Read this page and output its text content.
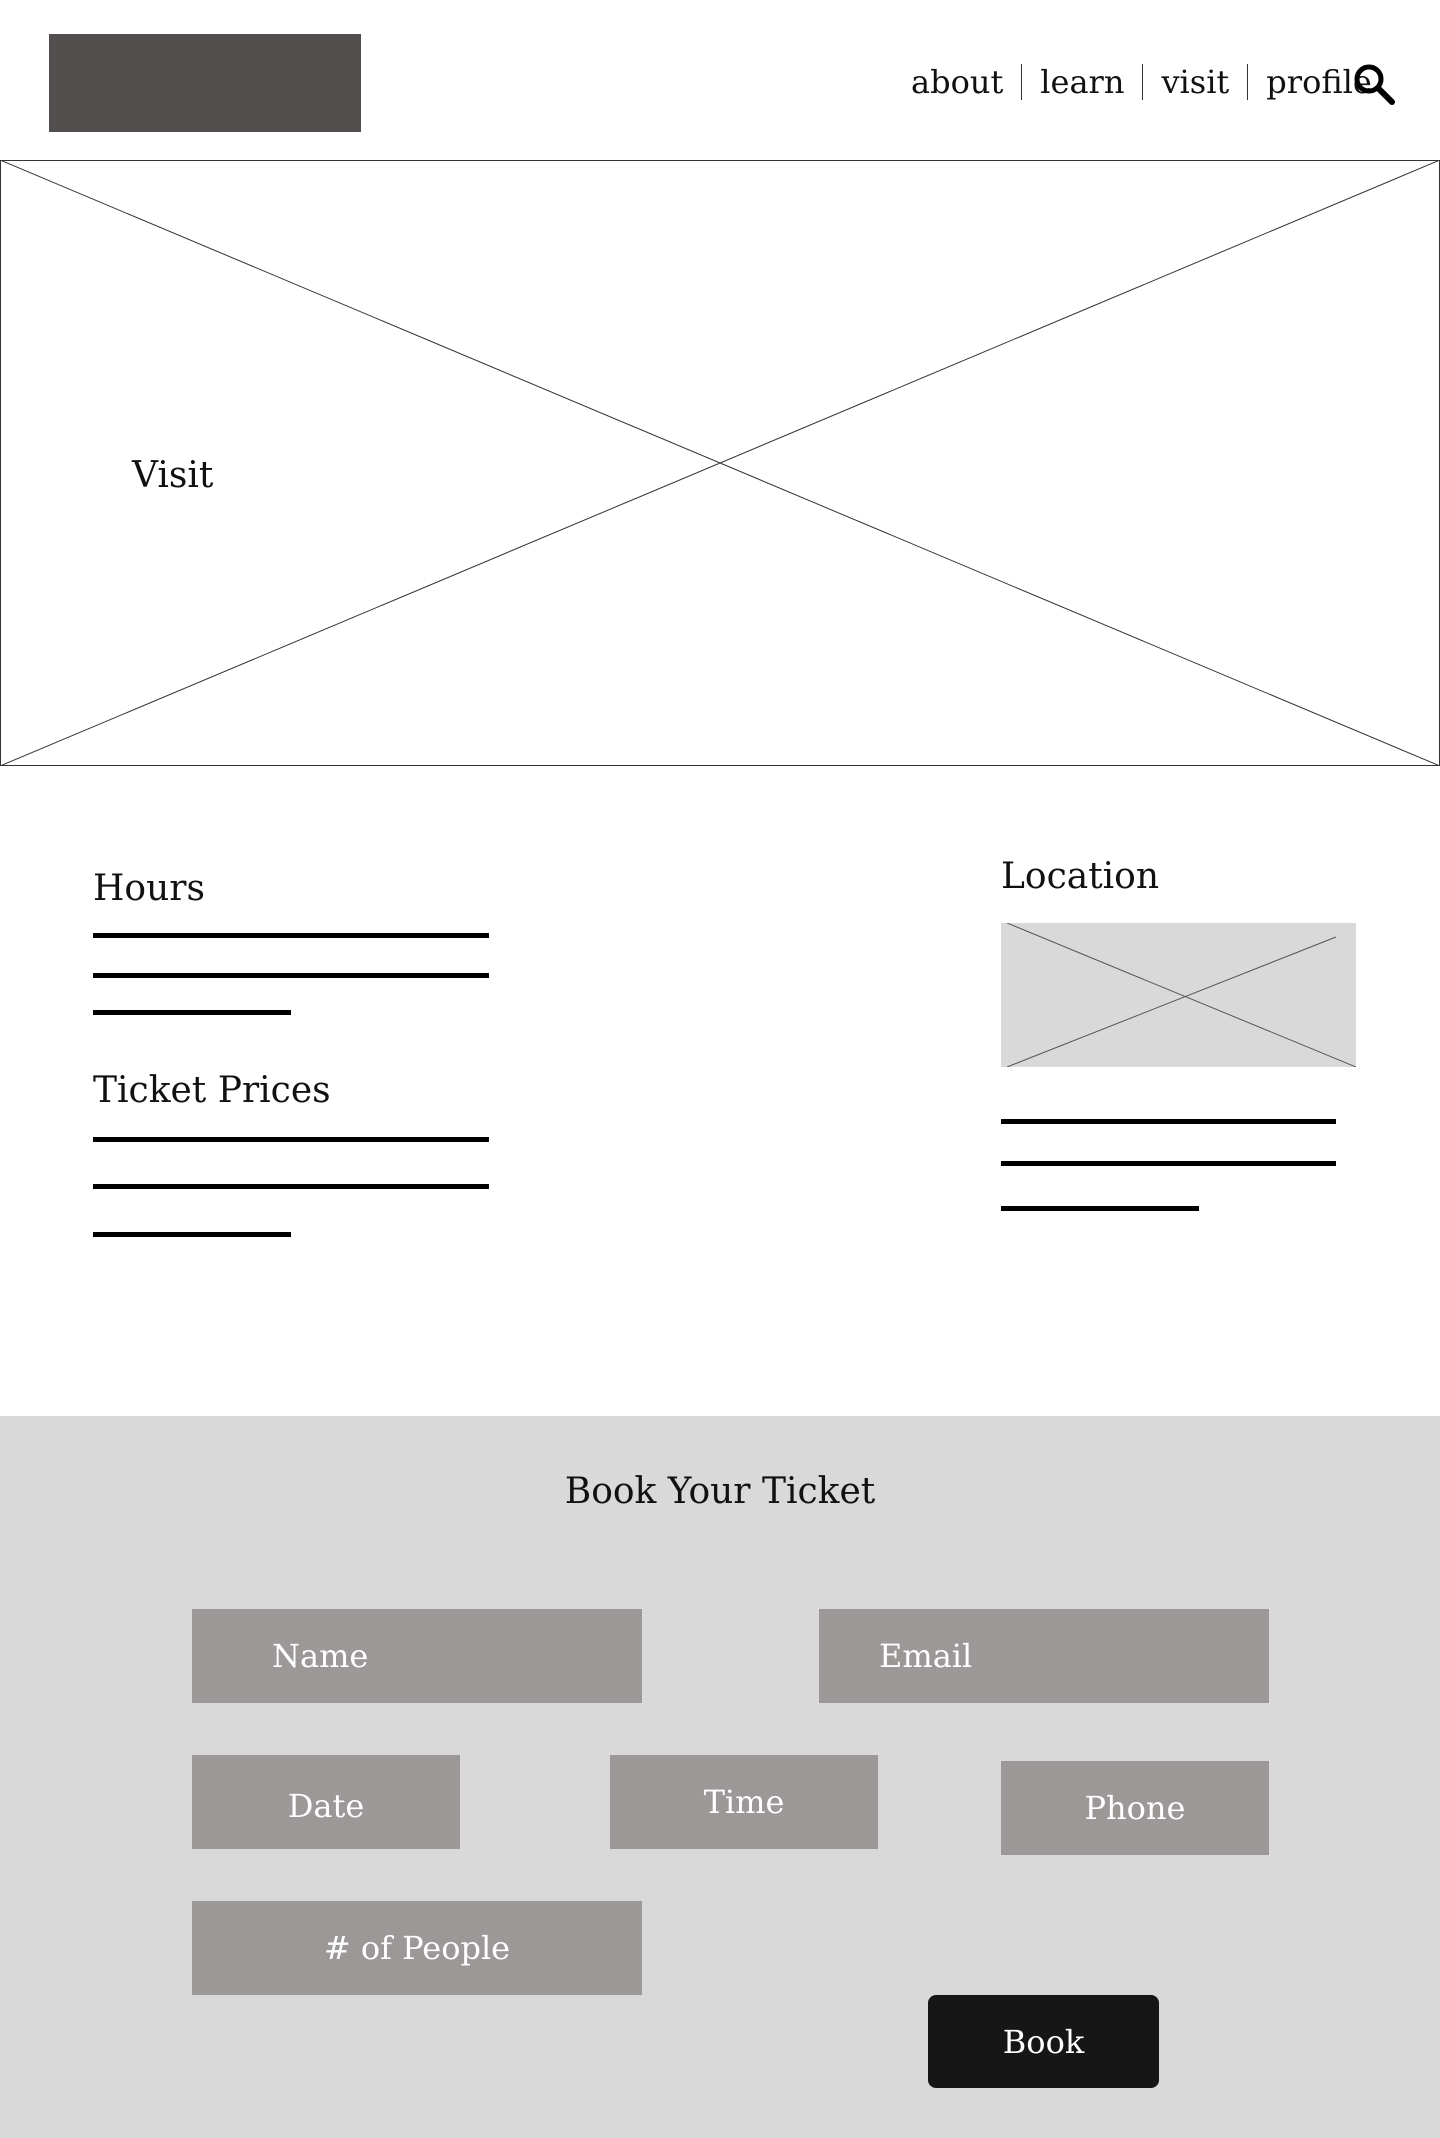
about	learn	visit	profile
Visit
Hours
Ticket Prices
Location
Book Your Ticket
Name	Email
Date	Time	Phone
# of People
Book
